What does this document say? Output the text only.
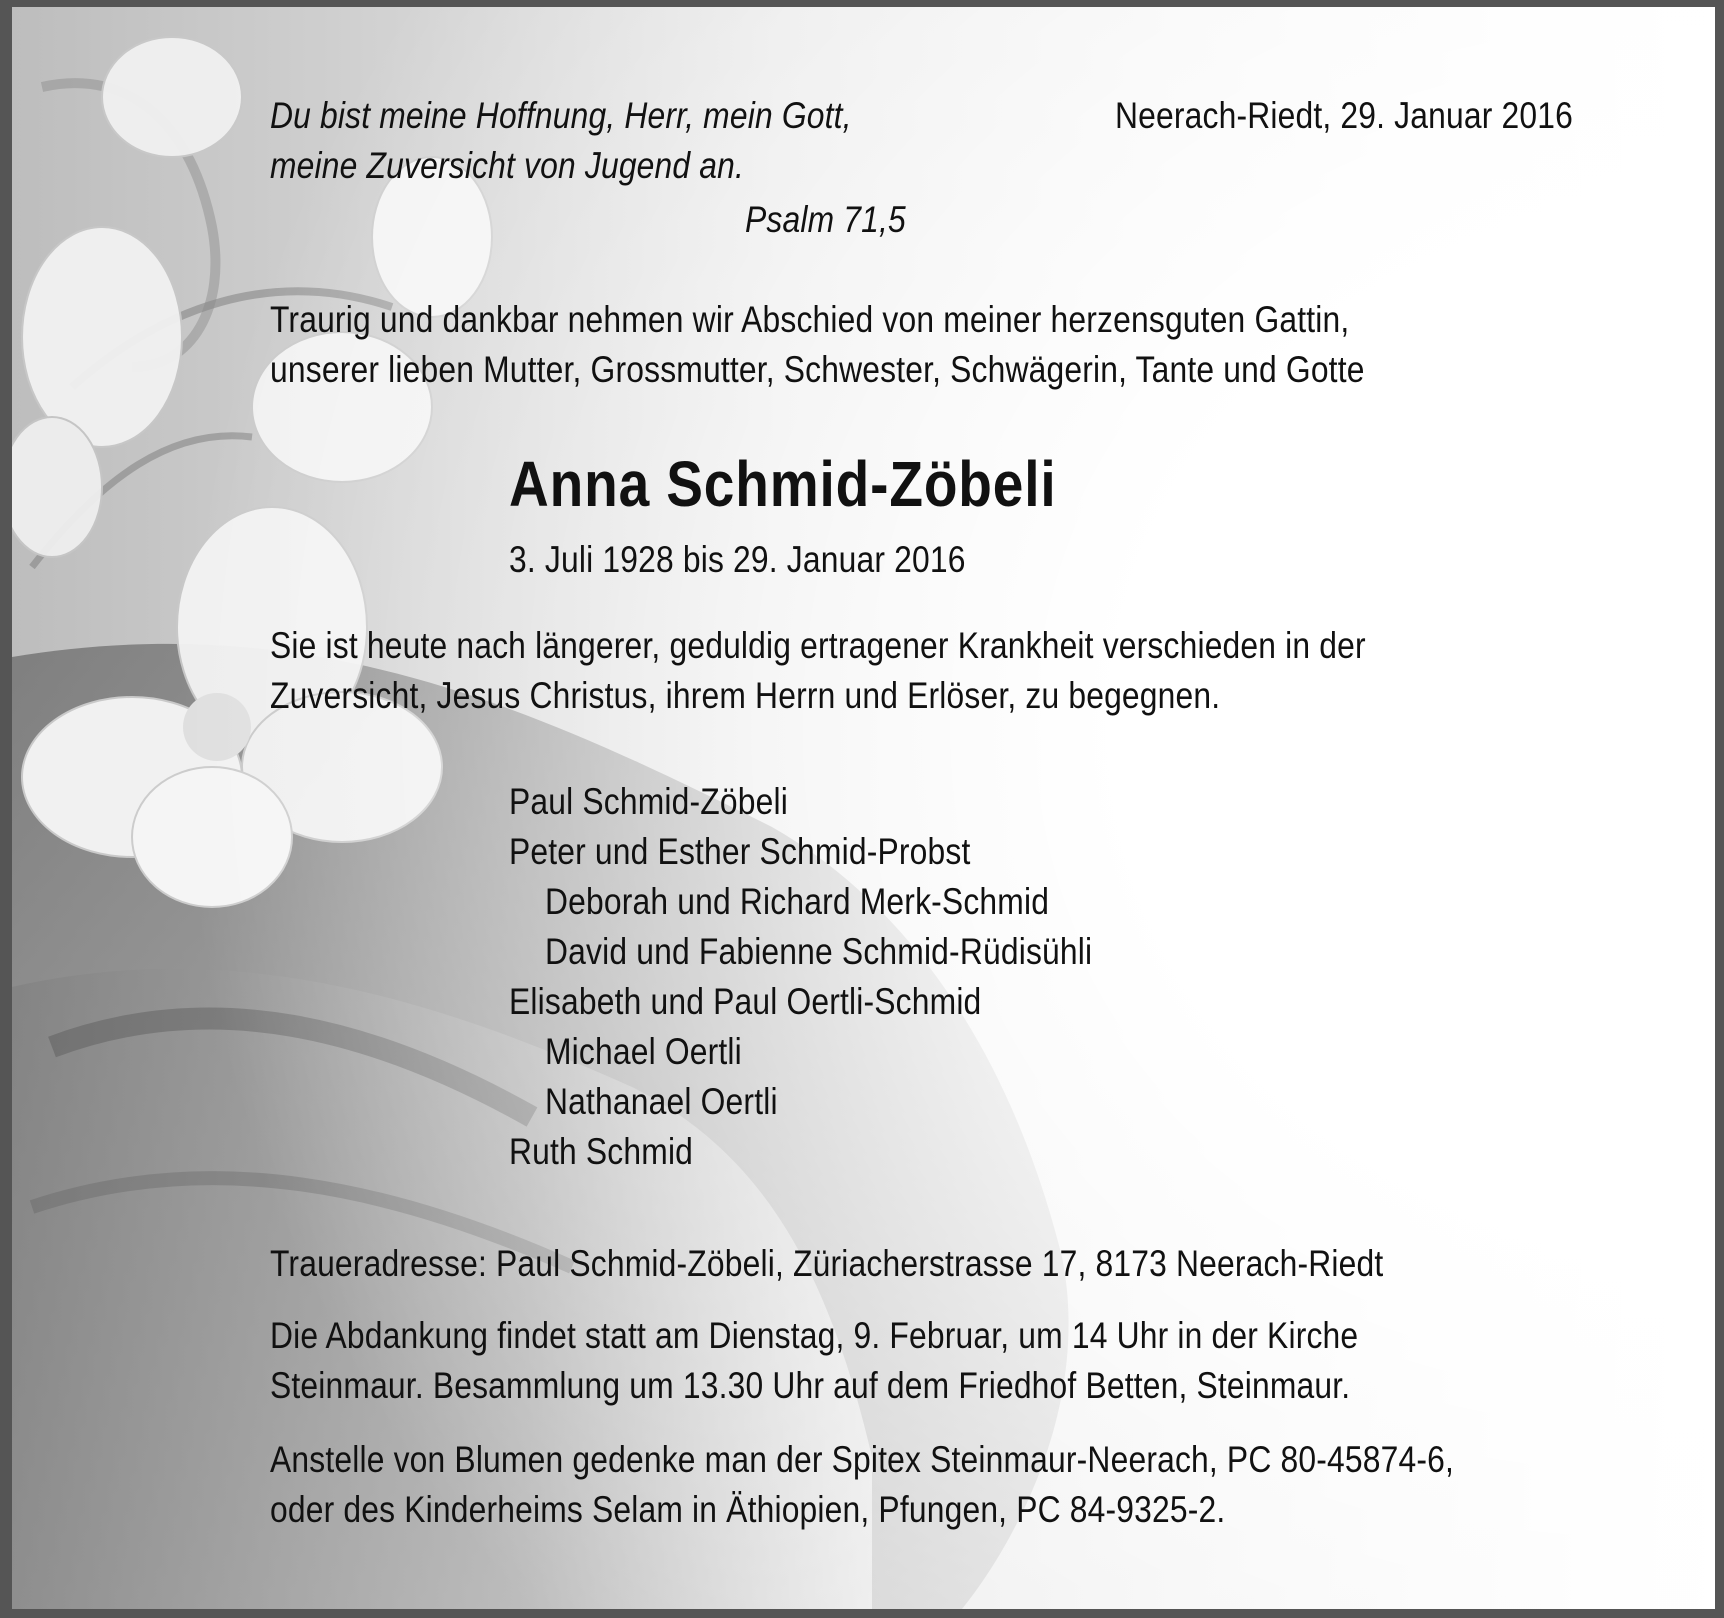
Du bist meine Hoffnung, Herr, mein Gott,
meine Zuversicht von Jugend an.
Psalm 71,5
Neerach-Riedt, 29. Januar 2016
Traurig und dankbar nehmen wir Abschied von meiner herzensguten Gattin,
unserer lieben Mutter, Grossmutter, Schwester, Schwägerin, Tante und Gotte
Anna Schmid-Zöbeli
3. Juli 1928 bis 29. Januar 2016
Sie ist heute nach längerer, geduldig ertragener Krankheit verschieden in der
Zuversicht, Jesus Christus, ihrem Herrn und Erlöser, zu begegnen.
Paul Schmid-Zöbeli
Peter und Esther Schmid-Probst
Deborah und Richard Merk-Schmid
David und Fabienne Schmid-Rüdisühli
Elisabeth und Paul Oertli-Schmid
Michael Oertli
Nathanael Oertli
Ruth Schmid
Traueradresse: Paul Schmid-Zöbeli, Züriacherstrasse 17, 8173 Neerach-Riedt
Die Abdankung findet statt am Dienstag, 9. Februar, um 14 Uhr in der Kirche
Steinmaur. Besammlung um 13.30 Uhr auf dem Friedhof Betten, Steinmaur.
Anstelle von Blumen gedenke man der Spitex Steinmaur-Neerach, PC 80-45874-6,
oder des Kinderheims Selam in Äthiopien, Pfungen, PC 84-9325-2.
